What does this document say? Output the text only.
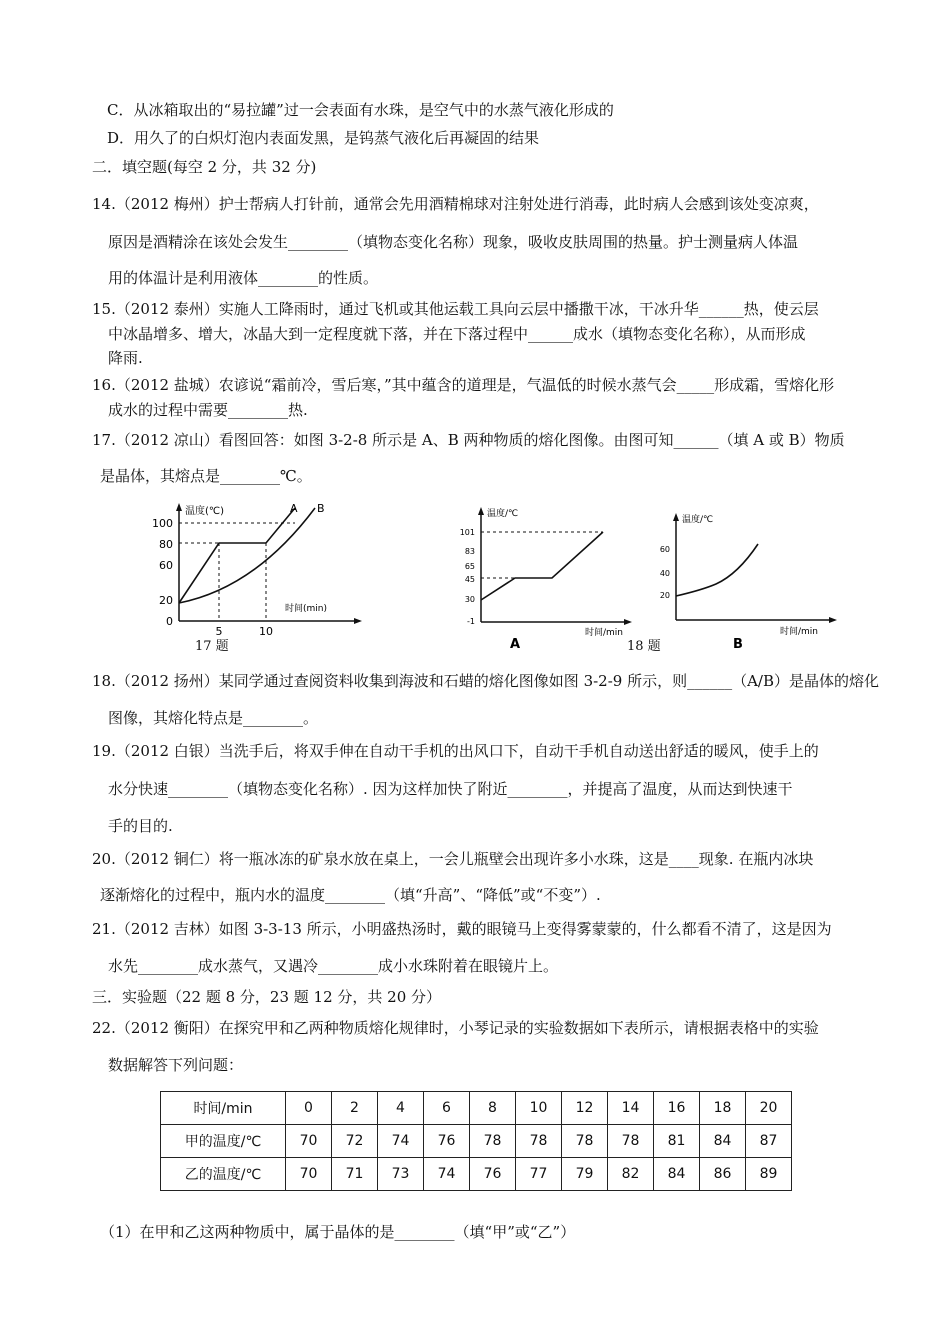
C．从冰箱取出的“易拉罐”过一会表面有水珠，是空气中的水蒸气液化形成的
D．用久了的白炽灯泡内表面发黑，是钨蒸气液化后再凝固的结果
二．填空题(每空 2 分，共 32 分)
14.（2012 梅州）护士帮病人打针前，通常会先用酒精棉球对注射处进行消毒，此时病人会感到该处变凉爽，
原因是酒精涂在该处会发生________（填物态变化名称）现象，吸收皮肤周围的热量。护士测量病人体温
用的体温计是利用液体________的性质。
15.（2012 泰州）实施人工降雨时，通过飞机或其他运载工具向云层中播撒干冰，干冰升华______热，使云层
中冰晶增多、增大，冰晶大到一定程度就下落，并在下落过程中______成水（填物态变化名称），从而形成
降雨.
16.（2012 盐城）农谚说“霜前冷，雪后寒，”其中蕴含的道理是，气温低的时候水蒸气会_____形成霜，雪熔化形
成水的过程中需要________热.
17.（2012 凉山）看图回答：如图 3-2-8 所示是 A、B 两种物质的熔化图像。由图可知______（填 A 或 B）物质
是晶体，其熔点是________℃。
温度(℃)
时间(min)
100
80
60
20
0
5	10
A B
17 题
温度/℃
时间/min
101
83
65
45
30
-1
A
温度/℃
时间/min
60
40
20
B
18 题
18.（2012 扬州）某同学通过查阅资料收集到海波和石蜡的熔化图像如图 3-2-9 所示，则______（A/B）是晶体的熔化
图像，其熔化特点是________。
19.（2012 白银）当洗手后，将双手伸在自动干手机的出风口下，自动干手机自动送出舒适的暖风，使手上的
水分快速________（填物态变化名称）. 因为这样加快了附近________，并提高了温度，从而达到快速干
手的目的.
20.（2012 铜仁）将一瓶冰冻的矿泉水放在桌上，一会儿瓶壁会出现许多小水珠，这是____现象. 在瓶内冰块
逐渐熔化的过程中，瓶内水的温度________（填“升高”、“降低”或“不变”）.
21.（2012 吉林）如图 3-3-13 所示，小明盛热汤时，戴的眼镜马上变得雾蒙蒙的，什么都看不清了，这是因为
水先________成水蒸气，又遇冷________成小水珠附着在眼镜片上。
三．实验题（22 题 8 分，23 题 12 分，共 20 分）
22.（2012 衡阳）在探究甲和乙两种物质熔化规律时，小琴记录的实验数据如下表所示，请根据表格中的实验
数据解答下列问题：
时间/min	0	2	4	6	8	10	12	14	16	18	20
甲的温度/℃	70	72	74	76	78	78	78	78	81	84	87
乙的温度/℃	70	71	73	74	76	77	79	82	84	86	89
（1）在甲和乙这两种物质中，属于晶体的是________（填“甲”或“乙”）
